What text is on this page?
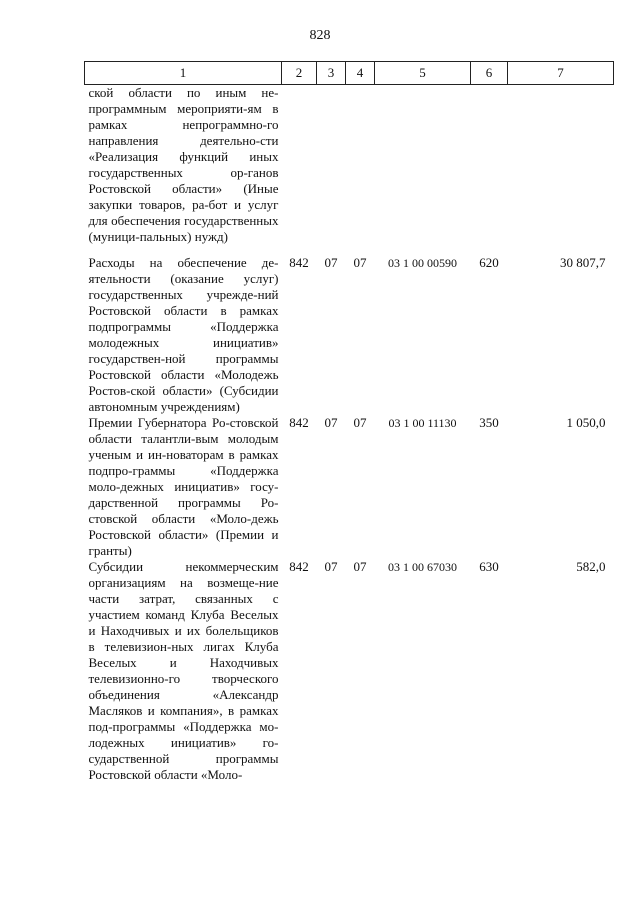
828
1	2	3	4	5	6	7
ской области по иным не-программным мероприяти-ям в рамках непрограммно-го направления деятельно-сти «Реализация функций иных государственных ор-ганов Ростовской области» (Иные закупки товаров, ра-бот и услуг для обеспечения государственных (муници-пальных) нужд)						
Расходы на обеспечение де-ятельности (оказание услуг) государственных учрежде-ний Ростовской области в рамках подпрограммы «Поддержка молодежных инициатив» государствен-ной программы Ростовской области «Молодежь Ростов-ской области» (Субсидии автономным учреждениям)	842	07	07	03 1 00 00590	620	30 807,7
Премии Губернатора Ро-стовской области талантли-вым молодым ученым и ин-новаторам в рамках подпро-граммы «Поддержка моло-дежных инициатив» госу-дарственной программы Ро-стовской области «Моло-дежь Ростовской области» (Премии и гранты)	842	07	07	03 1 00 11130	350	1 050,0
Субсидии некоммерческим организациям на возмеще-ние части затрат, связанных с участием команд Клуба Веселых и Находчивых и их болельщиков в телевизион-ных лигах Клуба Веселых и Находчивых телевизионно-го творческого объединения «Александр Масляков и компания», в рамках под-программы «Поддержка мо-лодежных инициатив» го-сударственной программы Ростовской области «Моло-	842	07	07	03 1 00 67030	630	582,0
